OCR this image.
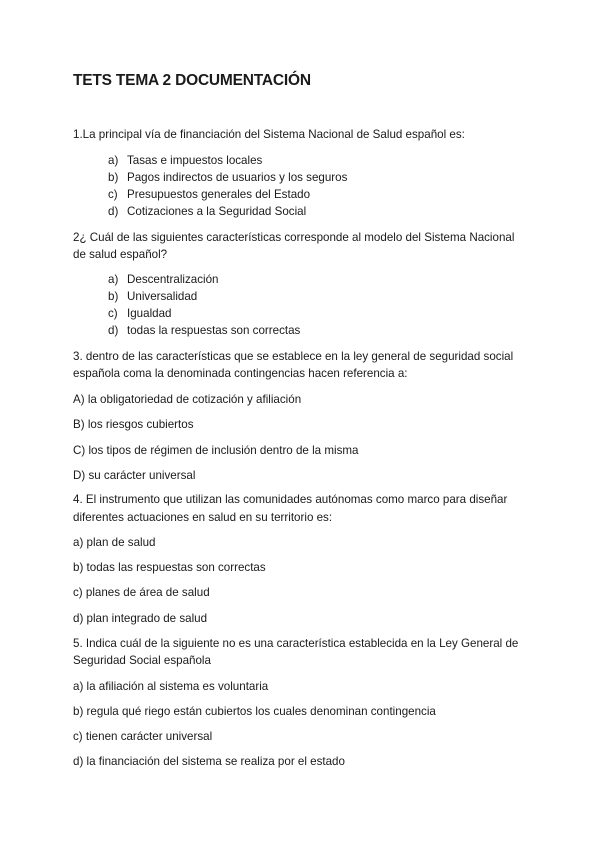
TETS TEMA 2 DOCUMENTACIÓN

1.La principal vía de financiación del Sistema Nacional de Salud español es:

a) Tasas e impuestos locales

b) Pagos indirectos de usuarios y los seguros

c) Presupuestos generales del Estado

d) Cotizaciones a la Seguridad Social

2¿ Cuál de las siguientes características corresponde al modelo del Sistema Nacional

de salud español?

a) Descentralización

b) Universalidad

c) Igualdad

d) todas la respuestas son correctas

3. dentro de las características que se establece en la ley general de seguridad social

española coma la denominada contingencias hacen referencia a:

A) la obligatoriedad de cotización y afiliación

B) los riesgos cubiertos

C) los tipos de régimen de inclusión dentro de la misma

D) su carácter universal

4. El instrumento que utilizan las comunidades autónomas como marco para diseñar

diferentes actuaciones en salud en su territorio es:

a) plan de salud

b) todas las respuestas son correctas

c) planes de área de salud

d) plan integrado de salud

5. Indica cuál de la siguiente no es una característica establecida en la Ley General de

Seguridad Social española

a) la afiliación al sistema es voluntaria

b) regula qué riego están cubiertos los cuales denominan contingencia

c) tienen carácter universal

d) la financiación del sistema se realiza por el estado
